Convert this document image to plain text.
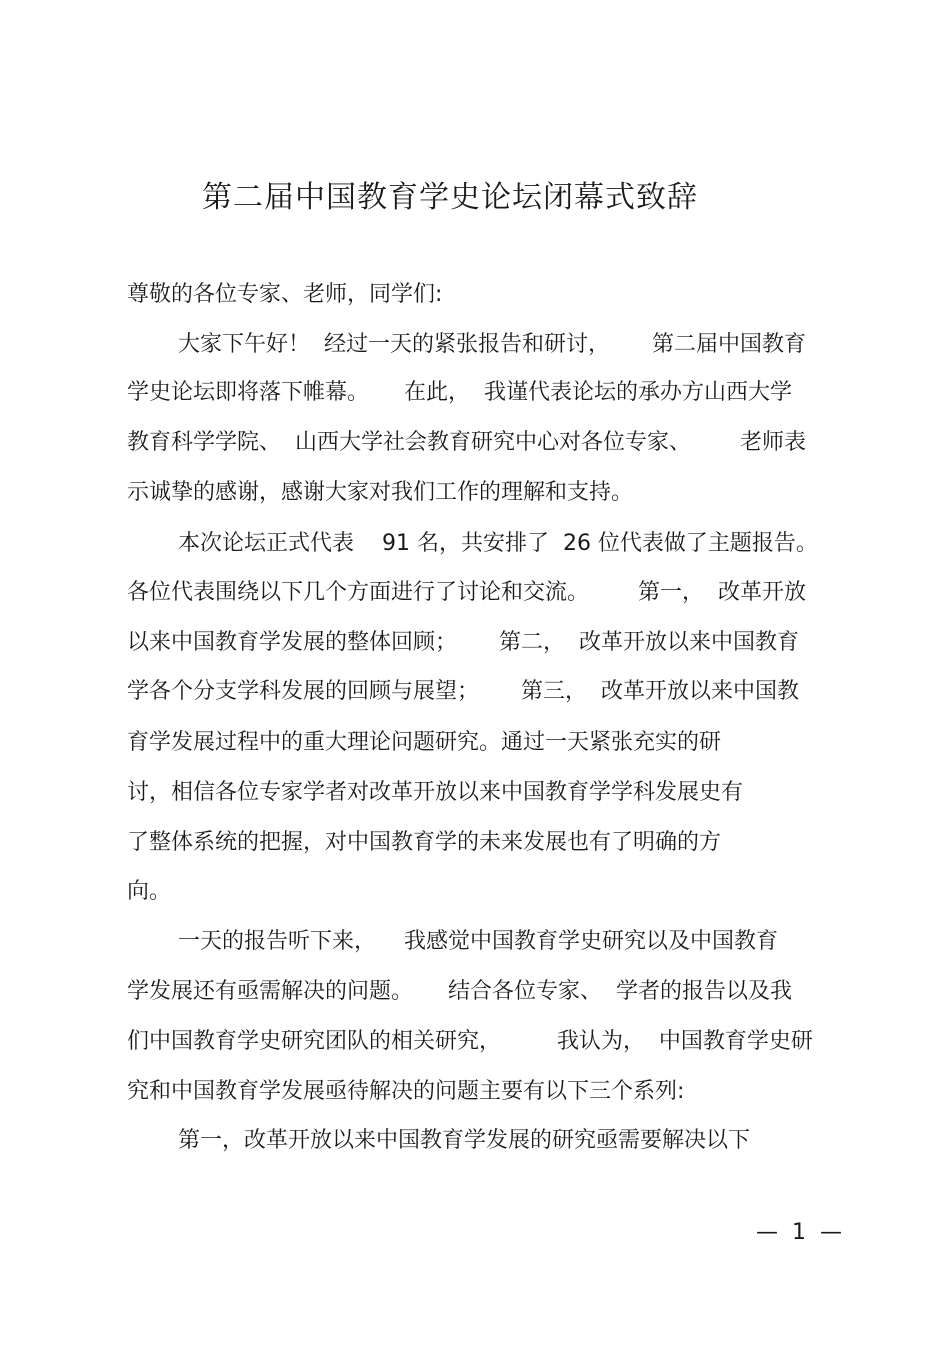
第二届中国教育学史论坛闭幕式致辞

尊敬的各位专家、老师，同学们:

大家下午好！  经过一天的紧张报告和研讨，      第二届中国教育

学史论坛即将落下帷幕。     在此，  我谨代表论坛的承办方山西大学

教育科学学院、  山西大学社会教育研究中心对各位专家、       老师表

示诚挚的感谢，感谢大家对我们工作的理解和支持。

本次论坛正式代表    91 名，共安排了  26 位代表做了主题报告。

各位代表围绕以下几个方面进行了讨论和交流。       第一，  改革开放

以来中国教育学发展的整体回顾；      第二，  改革开放以来中国教育

学各个分支学科发展的回顾与展望；      第三，  改革开放以来中国教

育学发展过程中的重大理论问题研究。通过一天紧张充实的研

讨，相信各位专家学者对改革开放以来中国教育学学科发展史有

了整体系统的把握，对中国教育学的未来发展也有了明确的方

向。

一天的报告听下来，    我感觉中国教育学史研究以及中国教育

学发展还有亟需解决的问题。     结合各位专家、  学者的报告以及我

们中国教育学史研究团队的相关研究，        我认为，  中国教育学史研

究和中国教育学发展亟待解决的问题主要有以下三个系列:

第一，改革开放以来中国教育学发展的研究亟需要解决以下

—  1  —
